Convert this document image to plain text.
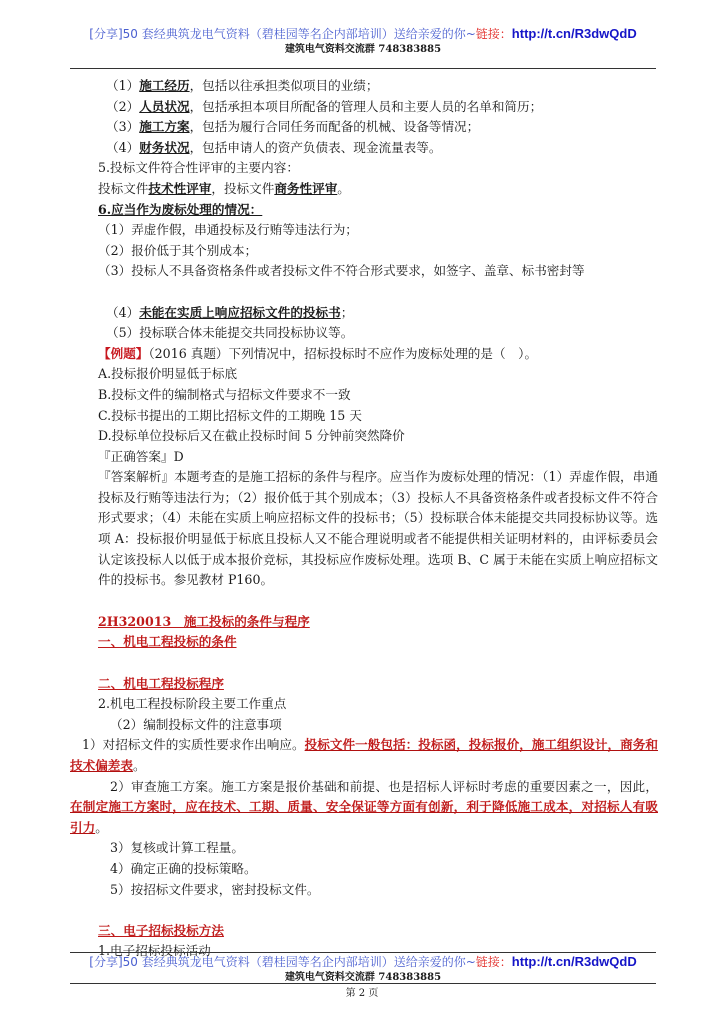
[分享]50 套经典筑龙电气资料（碧桂园等名企内部培训）送给亲爱的你~链接：http://t.cn/R3dwQdD
建筑电气资料交流群 748383885
（1）施工经历，包括以往承担类似项目的业绩；
（2）人员状况，包括承担本项目所配备的管理人员和主要人员的名单和简历；
（3）施工方案，包括为履行合同任务而配备的机械、设备等情况；
（4）财务状况，包括申请人的资产负债表、现金流量表等。
5.投标文件符合性评审的主要内容：
投标文件技术性评审，投标文件商务性评审。
6.应当作为废标处理的情况：
（1）弄虚作假，串通投标及行贿等违法行为；
（2）报价低于其个别成本；
（3）投标人不具备资格条件或者投标文件不符合形式要求，如签字、盖章、标书密封等
（4）未能在实质上响应招标文件的投标书；
（5）投标联合体未能提交共同投标协议等。
【例题】（2016 真题）下列情况中，招标投标时不应作为废标处理的是（　）。
A.投标报价明显低于标底
B.投标文件的编制格式与招标文件要求不一致
C.投标书提出的工期比招标文件的工期晚 15 天
D.投标单位投标后又在截止投标时间 5 分钟前突然降价
『正确答案』D
『答案解析』本题考查的是施工招标的条件与程序。应当作为废标处理的情况：（1）弄虚作假，串通投标及行贿等违法行为；（2）报价低于其个别成本；（3）投标人不具备资格条件或者投标文件不符合形式要求；（4）未能在实质上响应招标文件的投标书；（5）投标联合体未能提交共同投标协议等。选项 A：投标报价明显低于标底且投标人又不能合理说明或者不能提供相关证明材料的，由评标委员会认定该投标人以低于成本报价竞标，其投标应作废标处理。选项 B、C 属于未能在实质上响应招标文件的投标书。参见教材 P160。
2H320013　施工投标的条件与程序
一、机电工程投标的条件
二、机电工程投标程序
2.机电工程投标阶段主要工作重点
（2）编制投标文件的注意事项
1）对招标文件的实质性要求作出响应。投标文件一般包括：投标函，投标报价，施工组织设计，商务和技术偏差表。
2）审查施工方案。施工方案是报价基础和前提、也是招标人评标时考虑的重要因素之一，因此，在制定施工方案时，应在技术、工期、质量、安全保证等方面有创新，利于降低施工成本，对招标人有吸引力。
3）复核或计算工程量。
4）确定正确的投标策略。
5）按招标文件要求，密封投标文件。
三、电子招标投标方法
1.电子招标投标活动
[分享]50 套经典筑龙电气资料（碧桂园等名企内部培训）送给亲爱的你~链接：http://t.cn/R3dwQdD
建筑电气资料交流群 748383885
第 2 页
